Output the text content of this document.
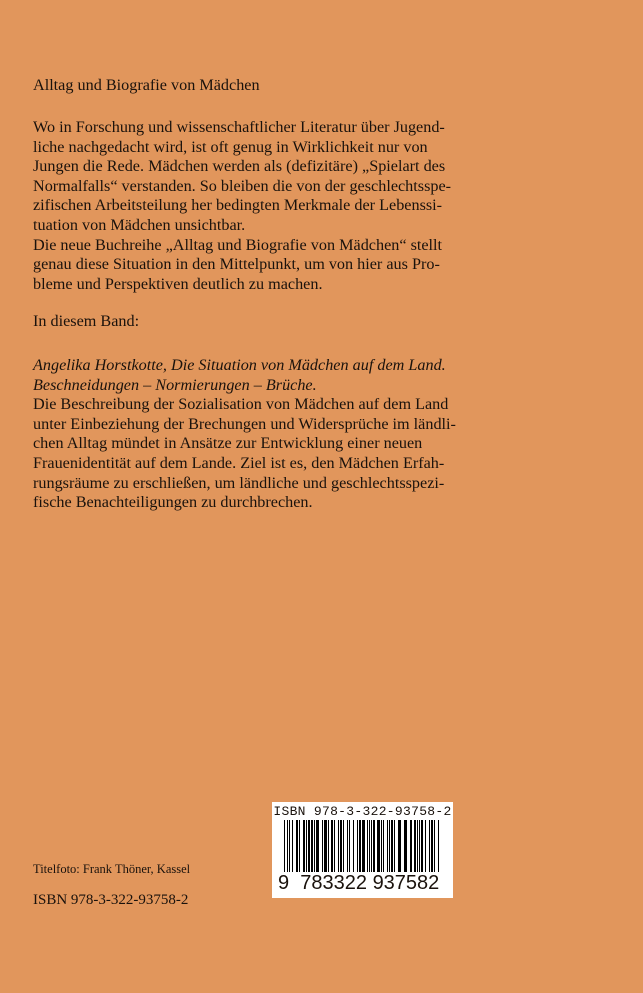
Alltag und Biografie von Mädchen
Wo in Forschung und wissenschaftlicher Literatur über Jugend-
liche nachgedacht wird, ist oft genug in Wirklichkeit nur von
Jungen die Rede. Mädchen werden als (defizitäre) „Spielart des
Normalfalls“ verstanden. So bleiben die von der geschlechtsspe-
zifischen Arbeitsteilung her bedingten Merkmale der Lebenssi-
tuation von Mädchen unsichtbar.
Die neue Buchreihe „Alltag und Biografie von Mädchen“ stellt
genau diese Situation in den Mittelpunkt, um von hier aus Pro-
bleme und Perspektiven deutlich zu machen.
In diesem Band:
Angelika Horstkotte, Die Situation von Mädchen auf dem Land.
Beschneidungen – Normierungen – Brüche.
Die Beschreibung der Sozialisation von Mädchen auf dem Land
unter Einbeziehung der Brechungen und Widersprüche im ländli-
chen Alltag mündet in Ansätze zur Entwicklung einer neuen
Frauenidentität auf dem Lande. Ziel ist es, den Mädchen Erfah-
rungsräume zu erschließen, um ländliche und geschlechtsspezi-
fische Benachteiligungen zu durchbrechen.
ISBN 978-3-322-93758-2
9 783322 937582
Titelfoto: Frank Thöner, Kassel
ISBN 978-3-322-93758-2
